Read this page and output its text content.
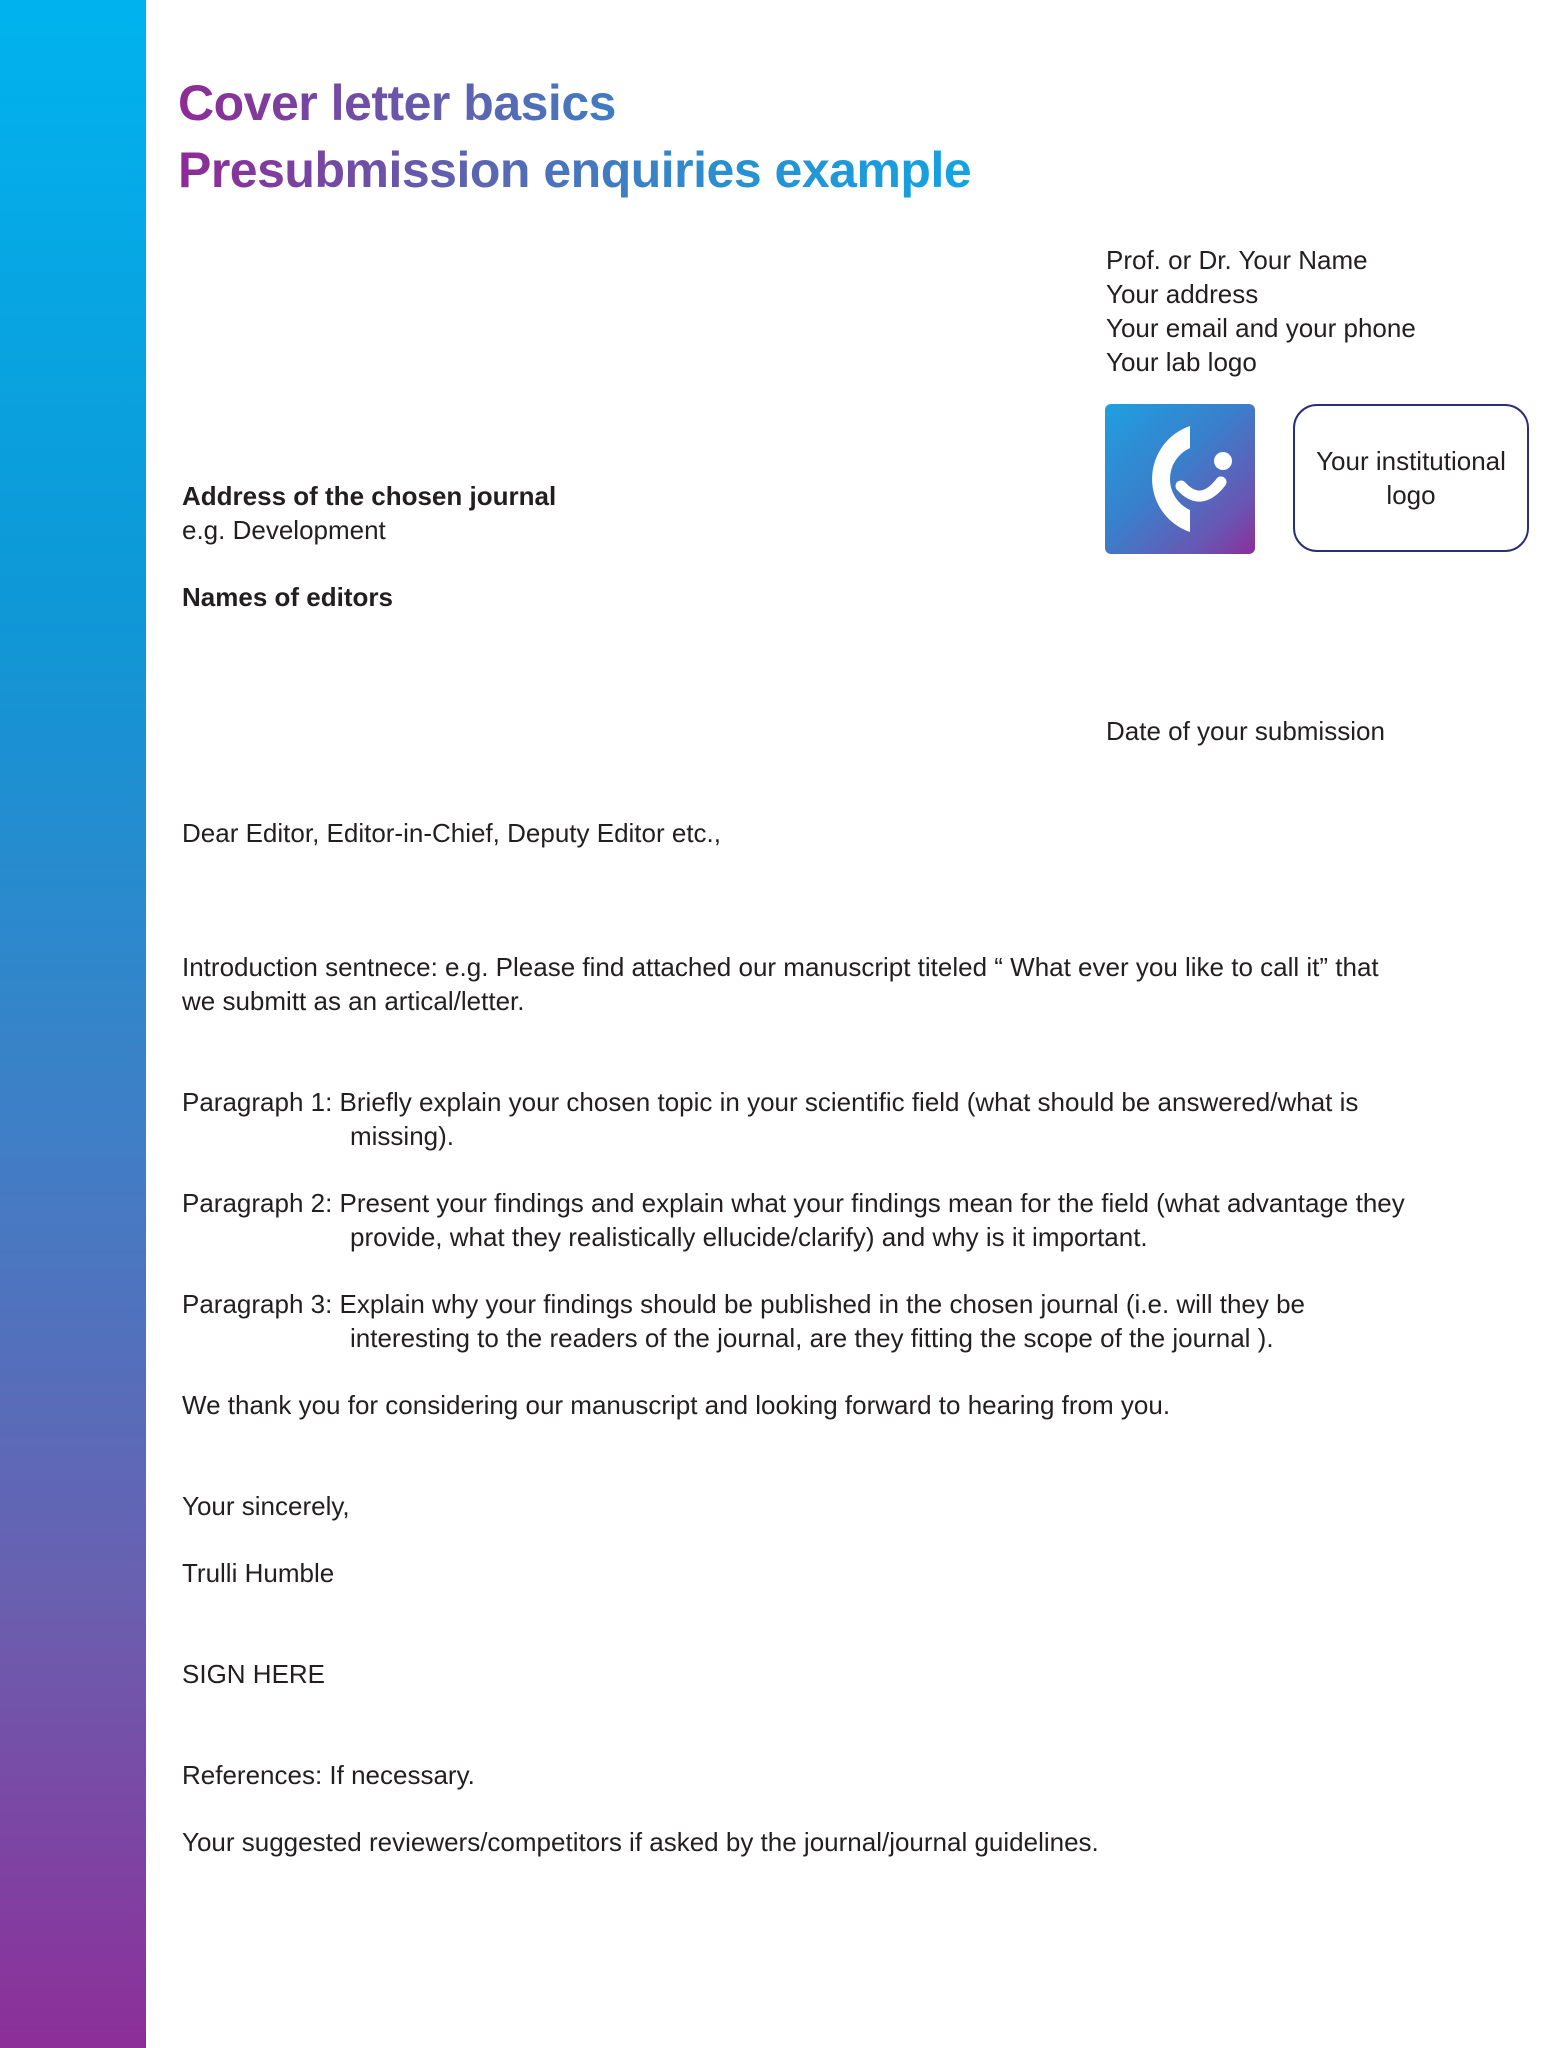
Cover letter basics
Presubmission enquiries example
Prof. or Dr. Your Name
Your address
Your email and your phone
Your lab logo
Your institutional
logo
Address of the chosen journal
e.g. Development
Names of editors
Date of your submission
Dear Editor, Editor-in-Chief, Deputy Editor etc.,
Introduction sentnece: e.g. Please find attached our manuscript titeled “ What ever you like to call it” that
we submitt as an artical/letter.
Paragraph 1: Briefly explain your chosen topic in your scientific field (what should be answered/what is
missing).
Paragraph 2: Present your findings and explain what your findings mean for the field (what advantage they
provide, what they realistically ellucide/clarify) and why is it important.
Paragraph 3: Explain why your findings should be published in the chosen journal (i.e. will they be
interesting to the readers of the journal, are they fitting the scope of the journal ).
We thank you for considering our manuscript and looking forward to hearing from you.
Your sincerely,
Trulli Humble
SIGN HERE
References: If necessary.
Your suggested reviewers/competitors if asked by the journal/journal guidelines.
